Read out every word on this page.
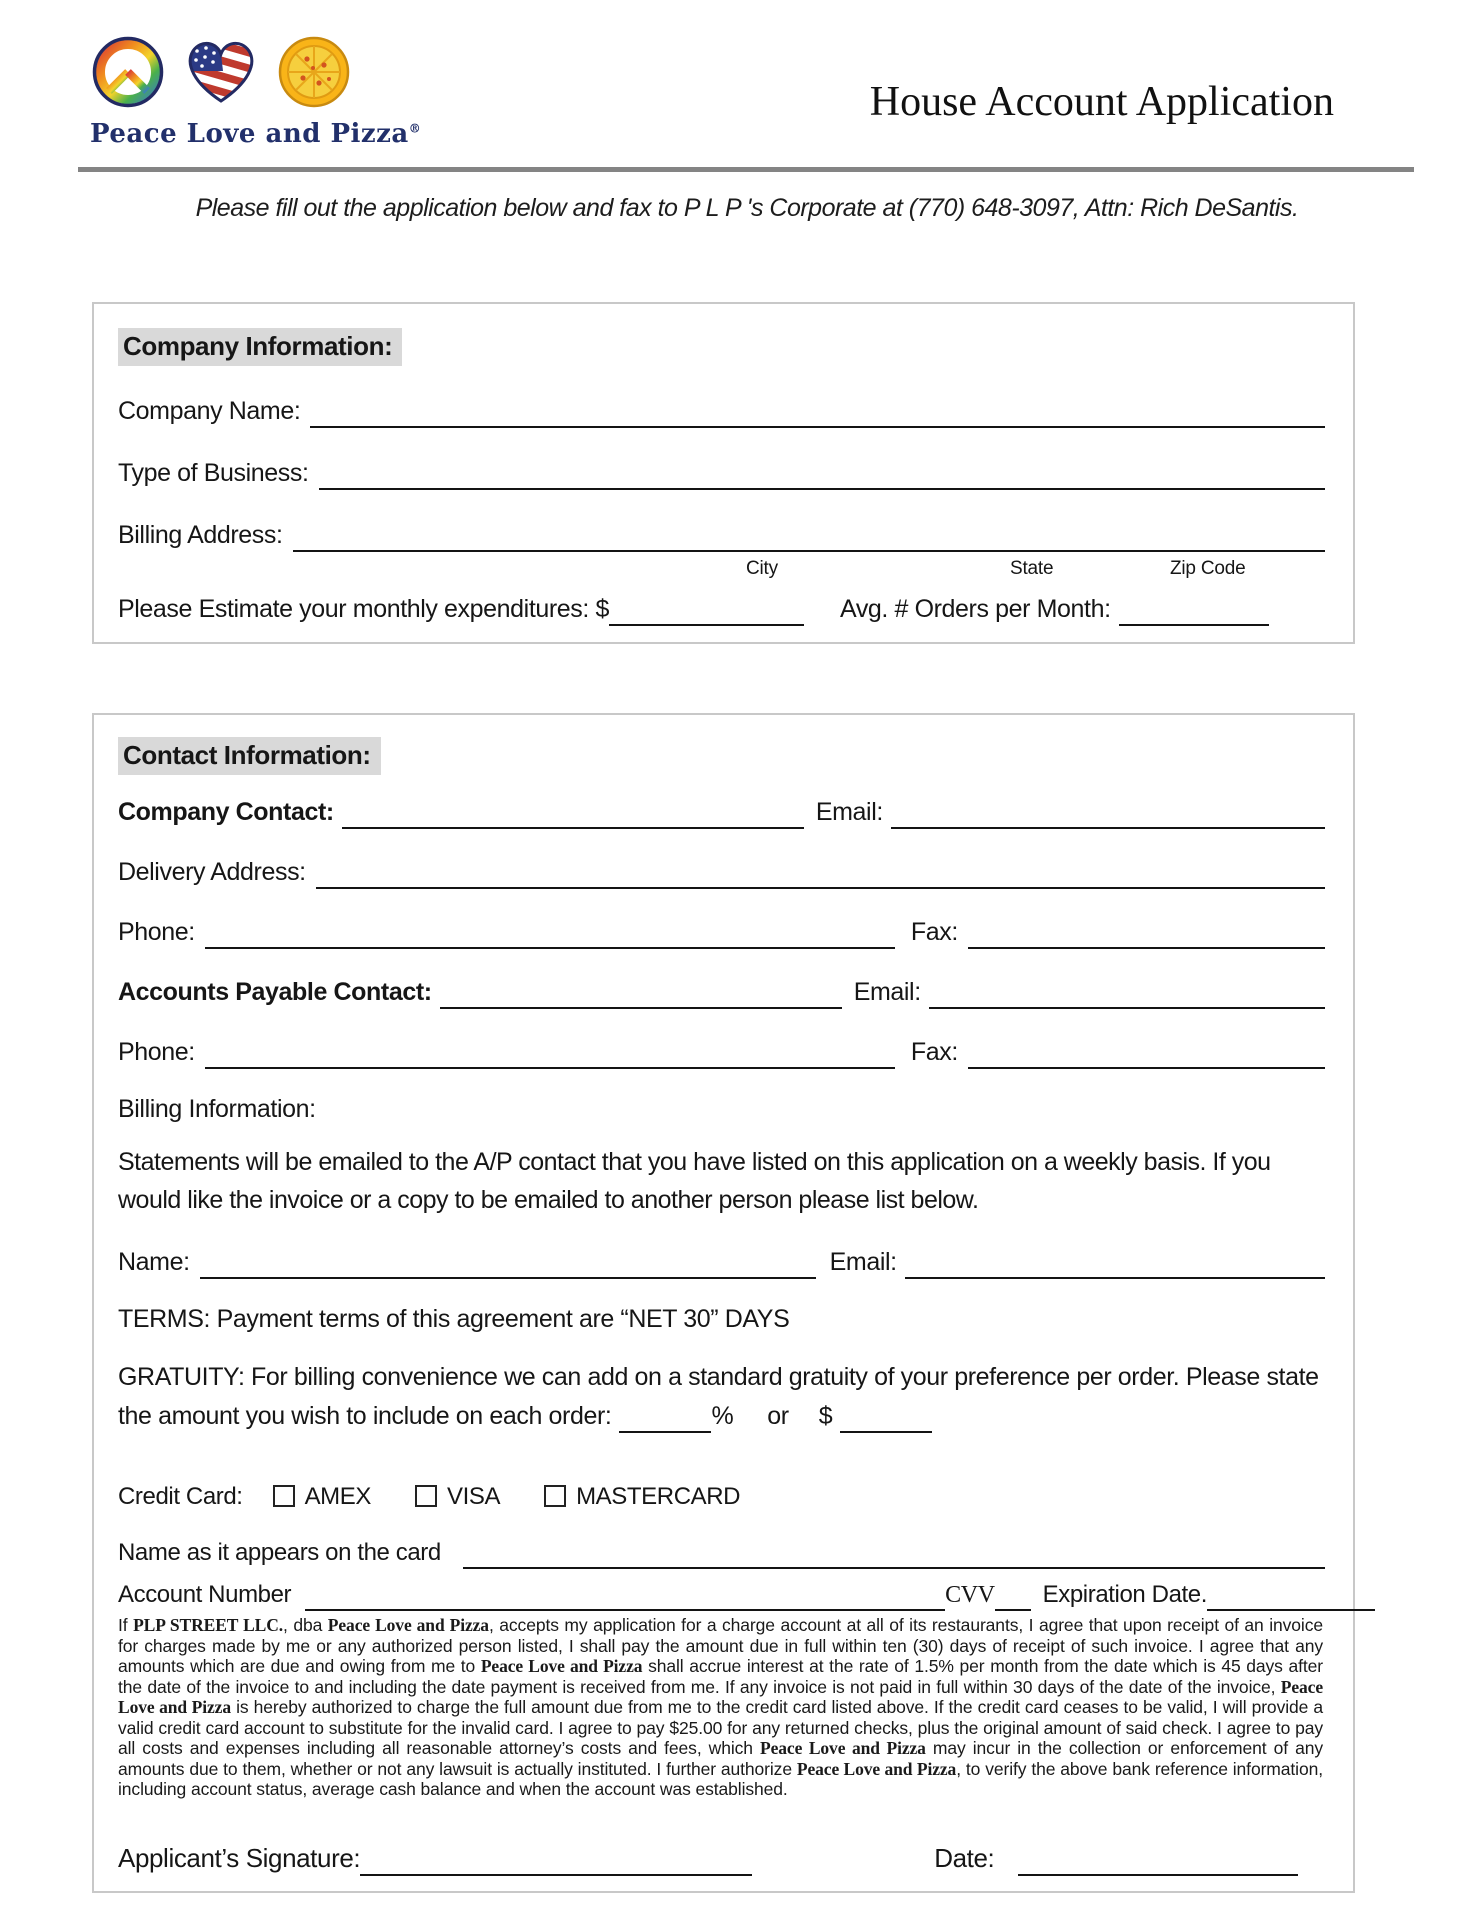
Peace Love and Pizza®
House Account Application
Please fill out the application below and fax to P L P 's Corporate at (770) 648-3097, Attn: Rich DeSantis.
Company Information:
Company Name:
Type of Business:
Billing Address:
City	State	Zip Code
Please Estimate your monthly expenditures: $	Avg. # Orders per Month:
Contact Information:
Company Contact:	Email:
Delivery Address:
Phone:	Fax:
Accounts Payable Contact:	Email:
Phone:	Fax:
Billing Information:
Statements will be emailed to the A/P contact that you have listed on this application on a weekly basis. If you
would like the invoice or a copy to be emailed to another person please list below.
Name:	Email:
TERMS: Payment terms of this agreement are “NET 30” DAYS
GRATUITY: For billing convenience we can add on a standard gratuity of your preference per order. Please state
the amount you wish to include on each order:	% or $
Credit Card:	AMEX	VISA	MASTERCARD
Name as it appears on the card
Account Number	CVV Expiration Date.
If PLP STREET LLC., dba Peace Love and Pizza, accepts my application for a charge account at all of its restaurants, I agree that upon receipt of an invoice for charges made by me or any authorized person listed, I shall pay the amount due in full within ten (30) days of receipt of such invoice. I agree that any amounts which are due and owing from me to Peace Love and Pizza shall accrue interest at the rate of 1.5% per month from the date which is 45 days after the date of the invoice to and including the date payment is received from me. If any invoice is not paid in full within 30 days of the date of the invoice, Peace Love and Pizza is hereby authorized to charge the full amount due from me to the credit card listed above. If the credit card ceases to be valid, I will provide a valid credit card account to substitute for the invalid card. I agree to pay $25.00 for any returned checks, plus the original amount of said check. I agree to pay all costs and expenses including all reasonable attorney’s costs and fees, which Peace Love and Pizza may incur in the collection or enforcement of any amounts due to them, whether or not any lawsuit is actually instituted. I further authorize Peace Love and Pizza, to verify the above bank reference information, including account status, average cash balance and when the account was established.
Applicant’s Signature:	Date:
